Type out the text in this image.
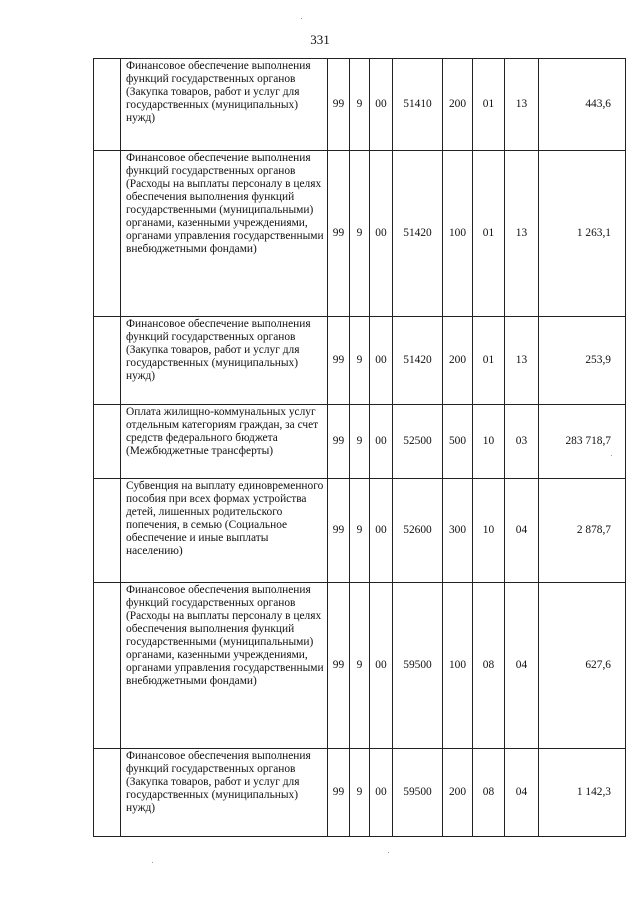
331
	Финансовое обеспечение выполнения функций государственных органов (Закупка товаров, работ и услуг для государственных (муниципальных) нужд)	99	9	00	51410	200	01	13	443,6
	Финансовое обеспечение выполнения функций государственных органов (Расходы на выплаты персоналу в целях обеспечения выполнения функций государственными (муниципальными) органами, казенными учреждениями, органами управления государственными внебюджетными фондами)	99	9	00	51420	100	01	13	1 263,1
	Финансовое обеспечение выполнения функций государственных органов (Закупка товаров, работ и услуг для государственных (муниципальных) нужд)	99	9	00	51420	200	01	13	253,9
	Оплата жилищно-коммунальных услуг отдельным категориям граждан, за счет средств федерального бюджета (Межбюджетные трансферты)	99	9	00	52500	500	10	03	283 718,7
	Субвенция на выплату единовременного пособия при всех формах устройства детей, лишенных родительского попечения, в семью (Социальное обеспечение и иные выплаты населению)	99	9	00	52600	300	10	04	2 878,7
	Финансовое обеспечения выполнения функций государственных органов (Расходы на выплаты персоналу в целях обеспечения выполнения функций государственными (муниципальными) органами, казенными учреждениями, органами управления государственными внебюджетными фондами)	99	9	00	59500	100	08	04	627,6
	Финансовое обеспечения выполнения функций государственных органов (Закупка товаров, работ и услуг для государственных (муниципальных) нужд)	99	9	00	59500	200	08	04	1 142,3
